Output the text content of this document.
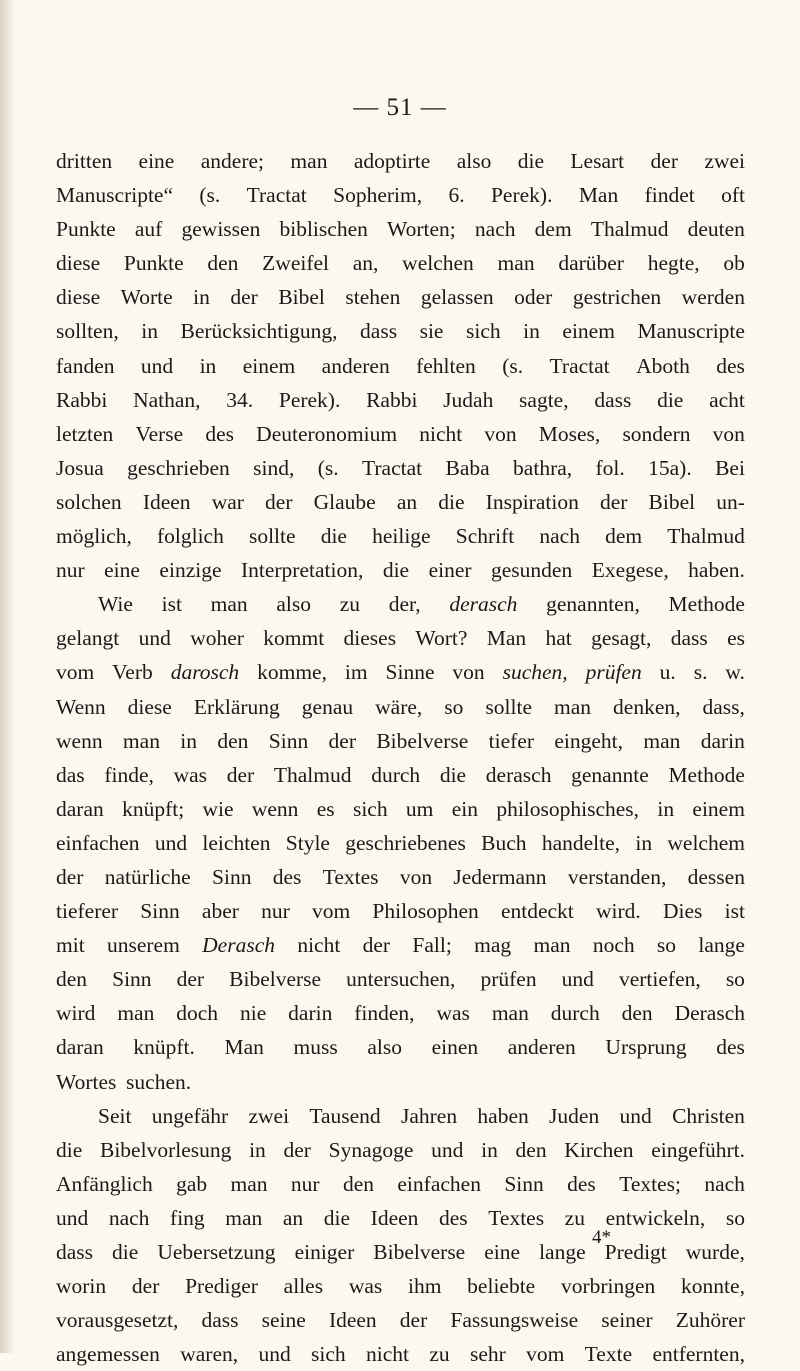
— 51 —
dritten eine andere; man adoptirte also die Lesart der zwei
Manuscripte“ (s. Tractat Sopherim, 6. Perek). Man findet oft
Punkte auf gewissen biblischen Worten; nach dem Thalmud deuten
diese Punkte den Zweifel an, welchen man darüber hegte, ob
diese Worte in der Bibel stehen gelassen oder gestrichen werden
sollten, in Berücksichtigung, dass sie sich in einem Manuscripte
fanden und in einem anderen fehlten (s. Tractat Aboth des
Rabbi Nathan, 34. Perek). Rabbi Judah sagte, dass die acht
letzten Verse des Deuteronomium nicht von Moses, sondern von
Josua geschrieben sind, (s. Tractat Baba bathra, fol. 15a). Bei
solchen Ideen war der Glaube an die Inspiration der Bibel un-
möglich, folglich sollte die heilige Schrift nach dem Thalmud
nur eine einzige Interpretation, die einer gesunden Exegese, haben.
Wie ist man also zu der, derasch genannten, Methode
gelangt und woher kommt dieses Wort? Man hat gesagt, dass es
vom Verb darosch komme, im Sinne von suchen, prüfen u. s. w.
Wenn diese Erklärung genau wäre, so sollte man denken, dass,
wenn man in den Sinn der Bibelverse tiefer eingeht, man darin
das finde, was der Thalmud durch die derasch genannte Methode
daran knüpft; wie wenn es sich um ein philosophisches, in einem
einfachen und leichten Style geschriebenes Buch handelte, in welchem
der natürliche Sinn des Textes von Jedermann verstanden, dessen
tieferer Sinn aber nur vom Philosophen entdeckt wird. Dies ist
mit unserem Derasch nicht der Fall; mag man noch so lange
den Sinn der Bibelverse untersuchen, prüfen und vertiefen, so
wird man doch nie darin finden, was man durch den Derasch
daran knüpft. Man muss also einen anderen Ursprung des
Wortes suchen.
Seit ungefähr zwei Tausend Jahren haben Juden und Christen
die Bibelvorlesung in der Synagoge und in den Kirchen eingeführt.
Anfänglich gab man nur den einfachen Sinn des Textes; nach
und nach fing man an die Ideen des Textes zu entwickeln, so
dass die Uebersetzung einiger Bibelverse eine lange Predigt wurde,
worin der Prediger alles was ihm beliebte vorbringen konnte,
vorausgesetzt, dass seine Ideen der Fassungsweise seiner Zuhörer
angemessen waren, und sich nicht zu sehr vom Texte entfernten,
4*
